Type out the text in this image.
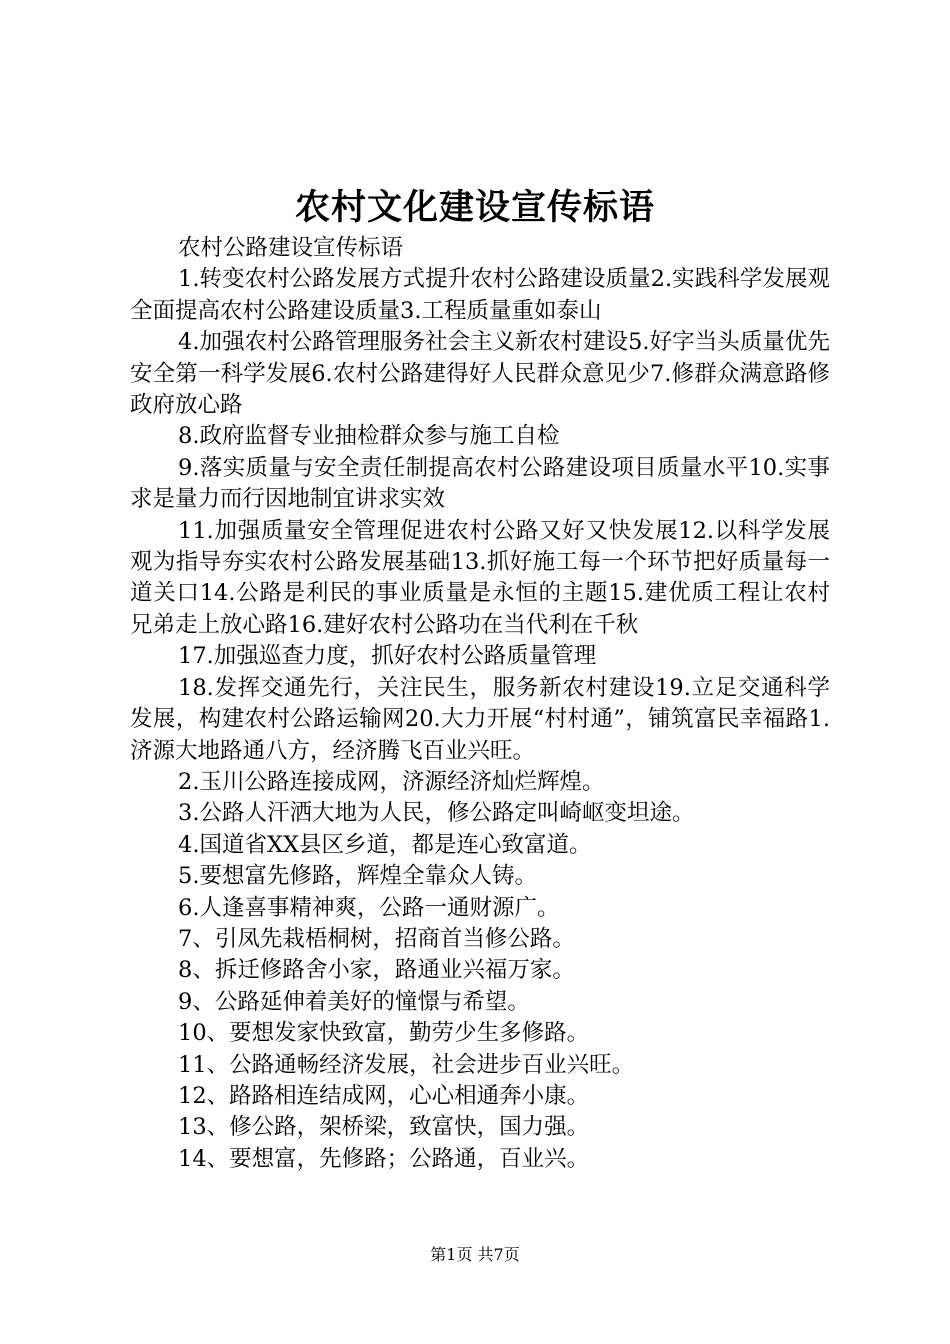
农村文化建设宣传标语

农村公路建设宣传标语

1.转变农村公路发展方式提升农村公路建设质量2.实践科学发展观全面提高农村公路建设质量3.工程质量重如泰山

4.加强农村公路管理服务社会主义新农村建设5.好字当头质量优先安全第一科学发展6.农村公路建得好人民群众意见少7.修群众满意路修政府放心路

8.政府监督专业抽检群众参与施工自检

9.落实质量与安全责任制提高农村公路建设项目质量水平10.实事求是量力而行因地制宜讲求实效

11.加强质量安全管理促进农村公路又好又快发展12.以科学发展观为指导夯实农村公路发展基础13.抓好施工每一个环节把好质量每一道关口14.公路是利民的事业质量是永恒的主题15.建优质工程让农村兄弟走上放心路16.建好农村公路功在当代利在千秋

17.加强巡查力度，抓好农村公路质量管理

18.发挥交通先行，关注民生，服务新农村建设19.立足交通科学发展，构建农村公路运输网20.大力开展“村村通”，铺筑富民幸福路1.济源大地路通八方，经济腾飞百业兴旺。

2.玉川公路连接成网，济源经济灿烂辉煌。

3.公路人汗洒大地为人民，修公路定叫崎岖变坦途。

4.国道省XX县区乡道，都是连心致富道。

5.要想富先修路，辉煌全靠众人铸。

6.人逢喜事精神爽，公路一通财源广。

7、引凤先栽梧桐树，招商首当修公路。

8、拆迁修路舍小家，路通业兴福万家。

9、公路延伸着美好的憧憬与希望。

10、要想发家快致富，勤劳少生多修路。

11、公路通畅经济发展，社会进步百业兴旺。

12、路路相连结成网，心心相通奔小康。

13、修公路，架桥梁，致富快，国力强。

14、要想富，先修路；公路通，百业兴。

第1页 共7页
